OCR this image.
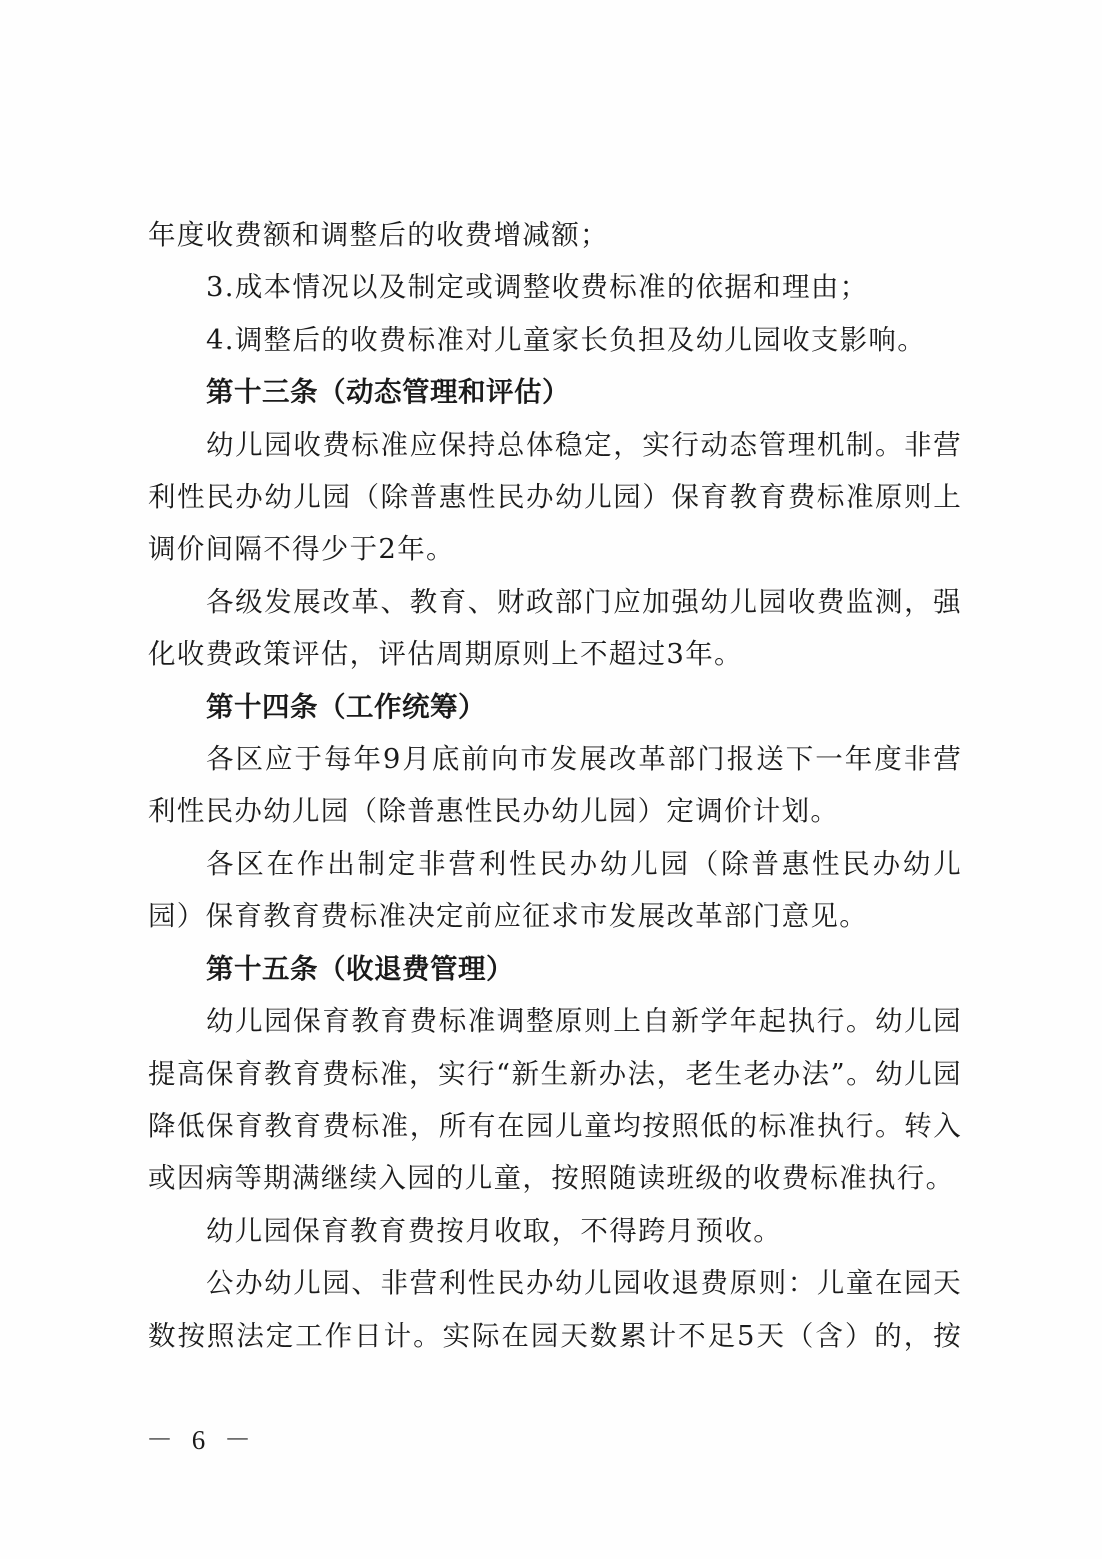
年度收费额和调整后的收费增减额；

3.成本情况以及制定或调整收费标准的依据和理由；

4.调整后的收费标准对儿童家长负担及幼儿园收支影响。

第十三条（动态管理和评估）

幼儿园收费标准应保持总体稳定，实行动态管理机制。非营利性民办幼儿园（除普惠性民办幼儿园）保育教育费标准原则上调价间隔不得少于2年。

各级发展改革、教育、财政部门应加强幼儿园收费监测，强化收费政策评估，评估周期原则上不超过3年。

第十四条（工作统筹）

各区应于每年9月底前向市发展改革部门报送下一年度非营利性民办幼儿园（除普惠性民办幼儿园）定调价计划。

各区在作出制定非营利性民办幼儿园（除普惠性民办幼儿园）保育教育费标准决定前应征求市发展改革部门意见。

第十五条（收退费管理）

幼儿园保育教育费标准调整原则上自新学年起执行。幼儿园提高保育教育费标准，实行“新生新办法，老生老办法”。幼儿园降低保育教育费标准，所有在园儿童均按照低的标准执行。转入或因病等期满继续入园的儿童，按照随读班级的收费标准执行。

幼儿园保育教育费按月收取，不得跨月预收。

公办幼儿园、非营利性民办幼儿园收退费原则：儿童在园天数按照法定工作日计。实际在园天数累计不足5天（含）的，按

－ 6 －
